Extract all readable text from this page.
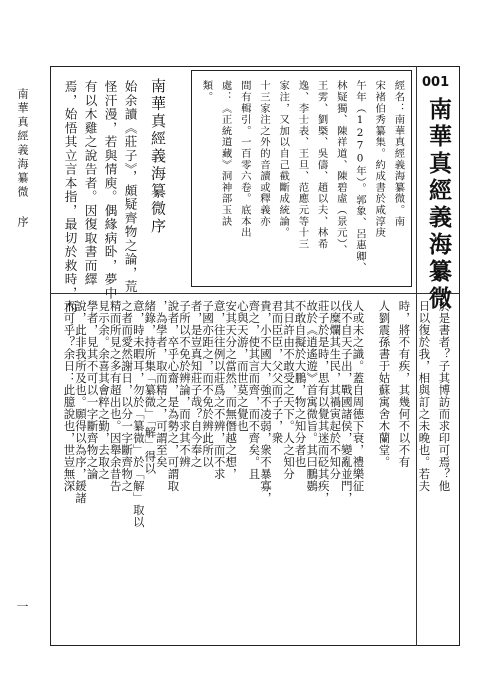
南華真經義海纂微 序
一
001
南華真經義海纂微
經名：南華真經義海纂微。南
宋褚伯秀纂集。約成書於咸淳庚
午年（1270年）。郭象、呂惠卿、
林疑獨、陳祥道、陳碧虛（景元）、
王雱、劉槩、吳儔、趙以夫、林希
逸、李士表、王旦、范應元等十三
家注，又加以自己截斷成統論。
十三家注之外的音讀或釋義亦
間有輯引。一百零六卷。底本出
處：《正統道藏》洞神部玉訣
類。
南華真經義海纂微序
焉，始悟其立言本指，最切於救時，而 有以木雞之說告者。因復取書而繹 怪汗漫，若與情庾。偶緣病卧，夢中 始余讀《莊子》，頗疑齊物之論，荒
木可乎？余日：此臆說也，世豈無深
說，此非我所及也。願得以為序，鍰諸
學者，見其不可以一字斷齊物之論
見示余。余喜其會粹之勤，去取之
精而所見之多有超出也。因舉余昔告
之者而愛然謝日，以分一字斷齊物之
意，時未暇耳，勿於「纂微」於「解」取以
緒錄，持所集「纂微」「解」得以
，為學者，取而精之，可謂至矣
說者，卒乎心齋，是為勢之，可謂取
子所以不免於辨論，而求其不辨
者，是豈真知莊子哉？自今奉之
子國亦距之，而不免於辨此所以
意，往往例以莊爲之不辨，而不求
安其天分之當然，而無僭越之想，
心與天游，而世莫之覺也
齊之，使其言而齊，而不齊矣。且
貴，小不國大，強不凌弱，衆不暴寡，
君而臣臣，父父而子子，衆
其日許由不敢受之天下。人之知分
不敢自擬於大鵬，物之知分者也
故於《逍遙遊》首寓微旨。其曰鵬鷃
莊子於是時，思有以覺其迷而砭其疾，
以糜爛其生民，其禍寅起於不知分
伐不自天子出，戰國諸侯，變亂並門，
人或未之識。蓋自周德下衰，禮樂征	於是書者？子其博訪而求印可焉？他
日以復於我，相與訂之未晚也。若夫
時，將不有疾，其幾何不以不有
人劉震孫書于姑蘇寓舍木蘭堂。
